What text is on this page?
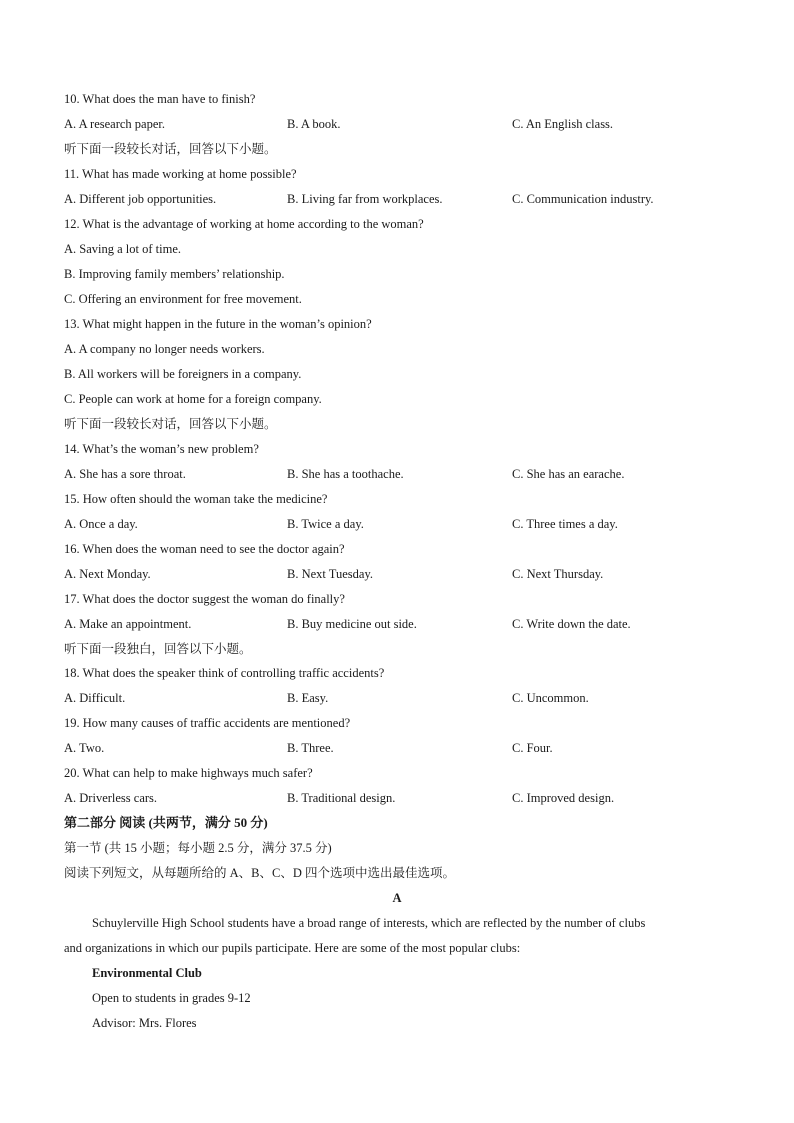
10. What does the man have to finish?
A. A research paper.	B. A book.	C. An English class.
听下面一段较长对话，回答以下小题。
11. What has made working at home possible?
A. Different job opportunities.	B. Living far from workplaces.	C. Communication industry.
12. What is the advantage of working at home according to the woman?
A. Saving a lot of time.
B. Improving family members’ relationship.
C. Offering an environment for free movement.
13. What might happen in the future in the woman’s opinion?
A. A company no longer needs workers.
B. All workers will be foreigners in a company.
C. People can work at home for a foreign company.
听下面一段较长对话，回答以下小题。
14. What’s the woman’s new problem?
A. She has a sore throat.	B. She has a toothache.	C. She has an earache.
15. How often should the woman take the medicine?
A. Once a day.	B. Twice a day.	C. Three times a day.
16. When does the woman need to see the doctor again?
A. Next Monday.	B. Next Tuesday.	C. Next Thursday.
17. What does the doctor suggest the woman do finally?
A. Make an appointment.	B. Buy medicine out side.	C. Write down the date.
听下面一段独白，回答以下小题。
18. What does the speaker think of controlling traffic accidents?
A. Difficult.	B. Easy.	C. Uncommon.
19. How many causes of traffic accidents are mentioned?
A. Two.	B. Three.	C. Four.
20. What can help to make highways much safer?
A. Driverless cars.	B. Traditional design.	C. Improved design.
第二部分 阅读 (共两节，满分 50 分)
第一节 (共 15 小题；每小题 2.5 分，满分 37.5 分)
阅读下列短文，从每题所给的 A、B、C、D 四个选项中选出最佳选项。
A
Schuylerville High School students have a broad range of interests, which are reflected by the number of clubs
and organizations in which our pupils participate. Here are some of the most popular clubs:
Environmental Club
Open to students in grades 9-12
Advisor: Mrs. Flores
